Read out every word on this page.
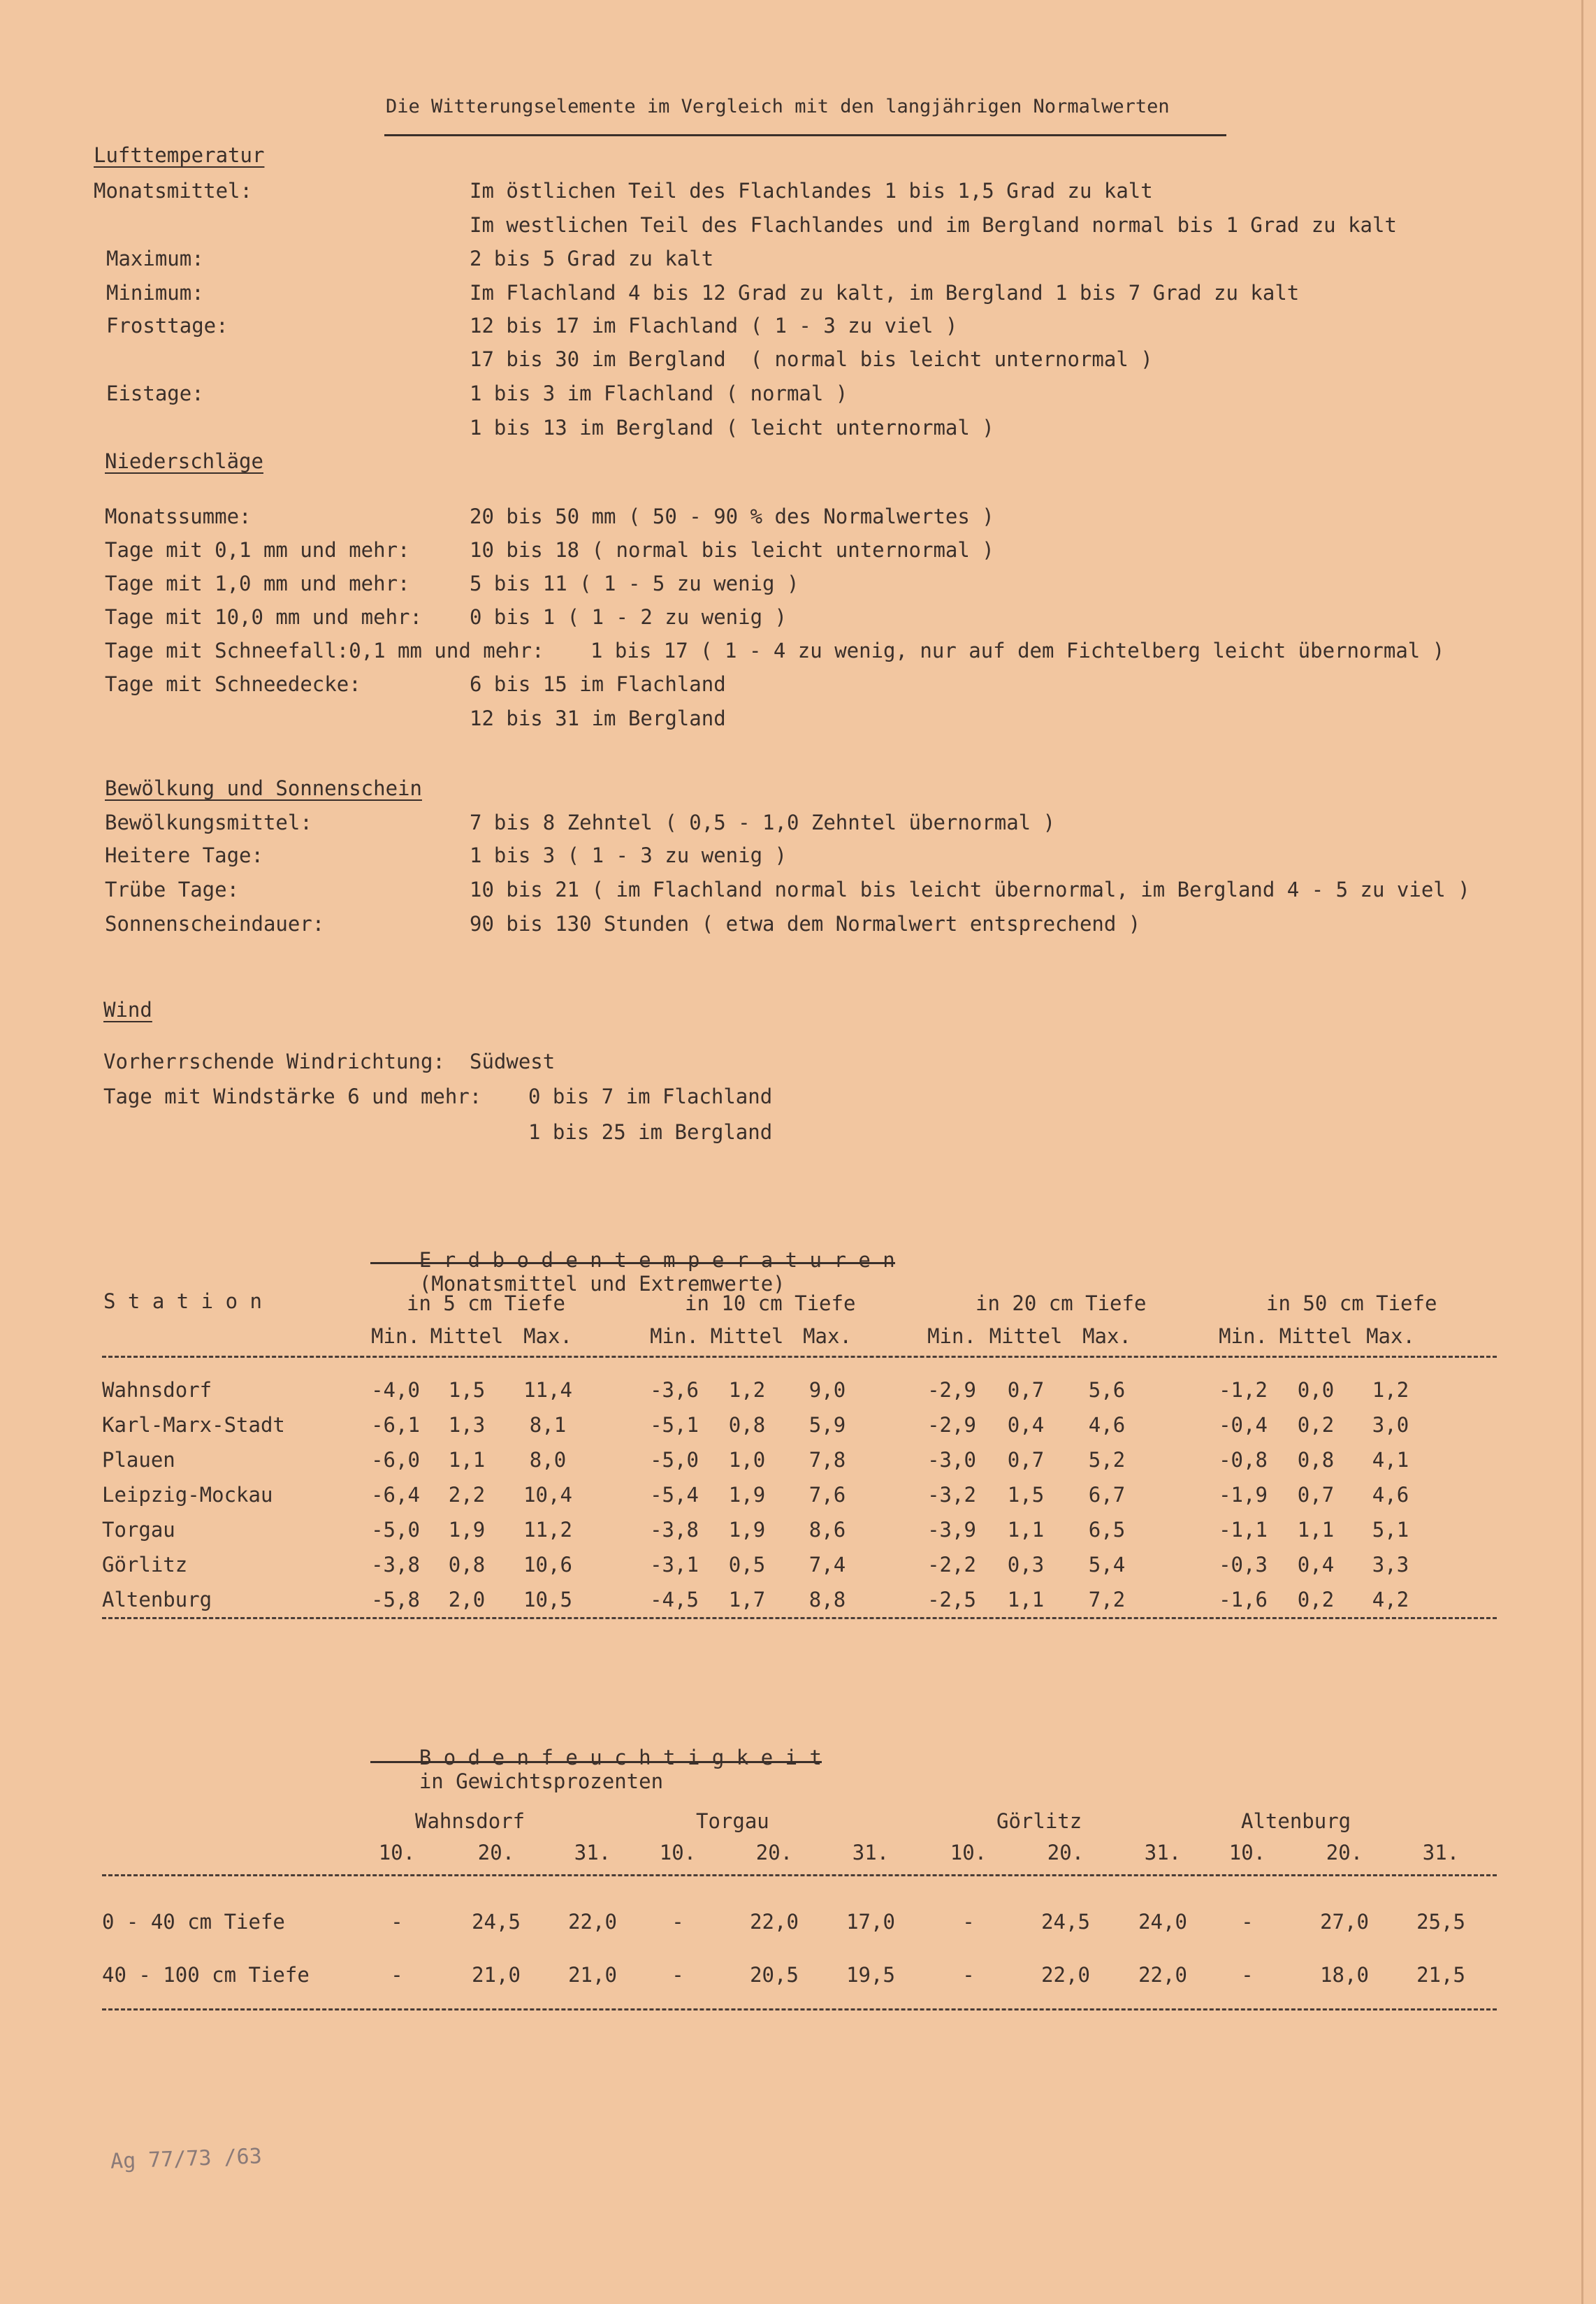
Die Witterungselemente im Vergleich mit den langjährigen Normalwerten
Lufttemperatur
Monatsmittel:	Im östlichen Teil des Flachlandes 1 bis 1,5 Grad zu kalt
Im westlichen Teil des Flachlandes und im Bergland normal bis 1 Grad zu kalt
Maximum:	2 bis 5 Grad zu kalt
Minimum:	Im Flachland 4 bis 12 Grad zu kalt, im Bergland 1 bis 7 Grad zu kalt
Frosttage:	12 bis 17 im Flachland ( 1 - 3 zu viel )
17 bis 30 im Bergland  ( normal bis leicht unternormal )
Eistage:	1 bis 3 im Flachland ( normal )
1 bis 13 im Bergland ( leicht unternormal )
Niederschläge
Monatssumme:	20 bis 50 mm ( 50 - 90 % des Normalwertes )
Tage mit 0,1 mm und mehr:	10 bis 18 ( normal bis leicht unternormal )
Tage mit 1,0 mm und mehr:	5 bis 11 ( 1 - 5 zu wenig )
Tage mit 10,0 mm und mehr: 0 bis 1 ( 1 - 2 zu wenig )
Tage mit Schneefall:0,1 mm und mehr: 1 bis 17 ( 1 - 4 zu wenig, nur auf dem Fichtelberg leicht übernormal )
Tage mit Schneedecke:	6 bis 15 im Flachland
12 bis 31 im Bergland
Bewölkung und Sonnenschein
Bewölkungsmittel:	7 bis 8 Zehntel ( 0,5 - 1,0 Zehntel übernormal )
Heitere Tage:	1 bis 3 ( 1 - 3 zu wenig )
Trübe Tage:	10 bis 21 ( im Flachland normal bis leicht übernormal, im Bergland 4 - 5 zu viel )
Sonnenscheindauer:	90 bis 130 Stunden ( etwa dem Normalwert entsprechend )
Wind
Vorherrschende Windrichtung: Südwest
Tage mit Windstärke 6 und mehr: 0 bis 7 im Flachland
1 bis 25 im Bergland

E r d b o d e n t e m p e r a t u r e n
(Monatsmittel und Extremwerte)

S t a t i o n	in 5 cm Tiefe	in 10 cm Tiefe	in 20 cm Tiefe	in 50 cm Tiefe
Min. Mittel Max.	Min. Mittel Max.	Min. Mittel Max.	Min. Mittel Max.
Wahnsdorf	-4,0	1,5	11,4	-3,6	1,2	9,0	-2,9	0,7	5,6	-1,2	0,0	1,2
Karl-Marx-Stadt	-6,1	1,3	8,1	-5,1	0,8	5,9	-2,9	0,4	4,6	-0,4	0,2	3,0
Plauen	-6,0	1,1	8,0	-5,0	1,0	7,8	-3,0	0,7	5,2	-0,8	0,8	4,1
Leipzig-Mockau	-6,4	2,2	10,4	-5,4	1,9	7,6	-3,2	1,5	6,7	-1,9	0,7	4,6
Torgau	-5,0	1,9	11,2	-3,8	1,9	8,6	-3,9	1,1	6,5	-1,1	1,1	5,1
Görlitz	-3,8	0,8	10,6	-3,1	0,5	7,4	-2,2	0,3	5,4	-0,3	0,4	3,3
Altenburg	-5,8	2,0	10,5	-4,5	1,7	8,8	-2,5	1,1	7,2	-1,6	0,2	4,2

B o d e n f e u c h t i g k e i t
in Gewichtsprozenten

Wahnsdorf	Torgau	Görlitz	Altenburg
10.	20.	31.	10.	20.	31.	10.	20.	31.	10.	20.	31.
0 - 40 cm Tiefe	-	24,5	22,0	-	22,0	17,0	-	24,5	24,0	-	27,0	25,5
40 - 100 cm Tiefe	-	21,0	21,0	-	20,5	19,5	-	22,0	22,0	-	18,0	21,5
Ag 77/73 /63
